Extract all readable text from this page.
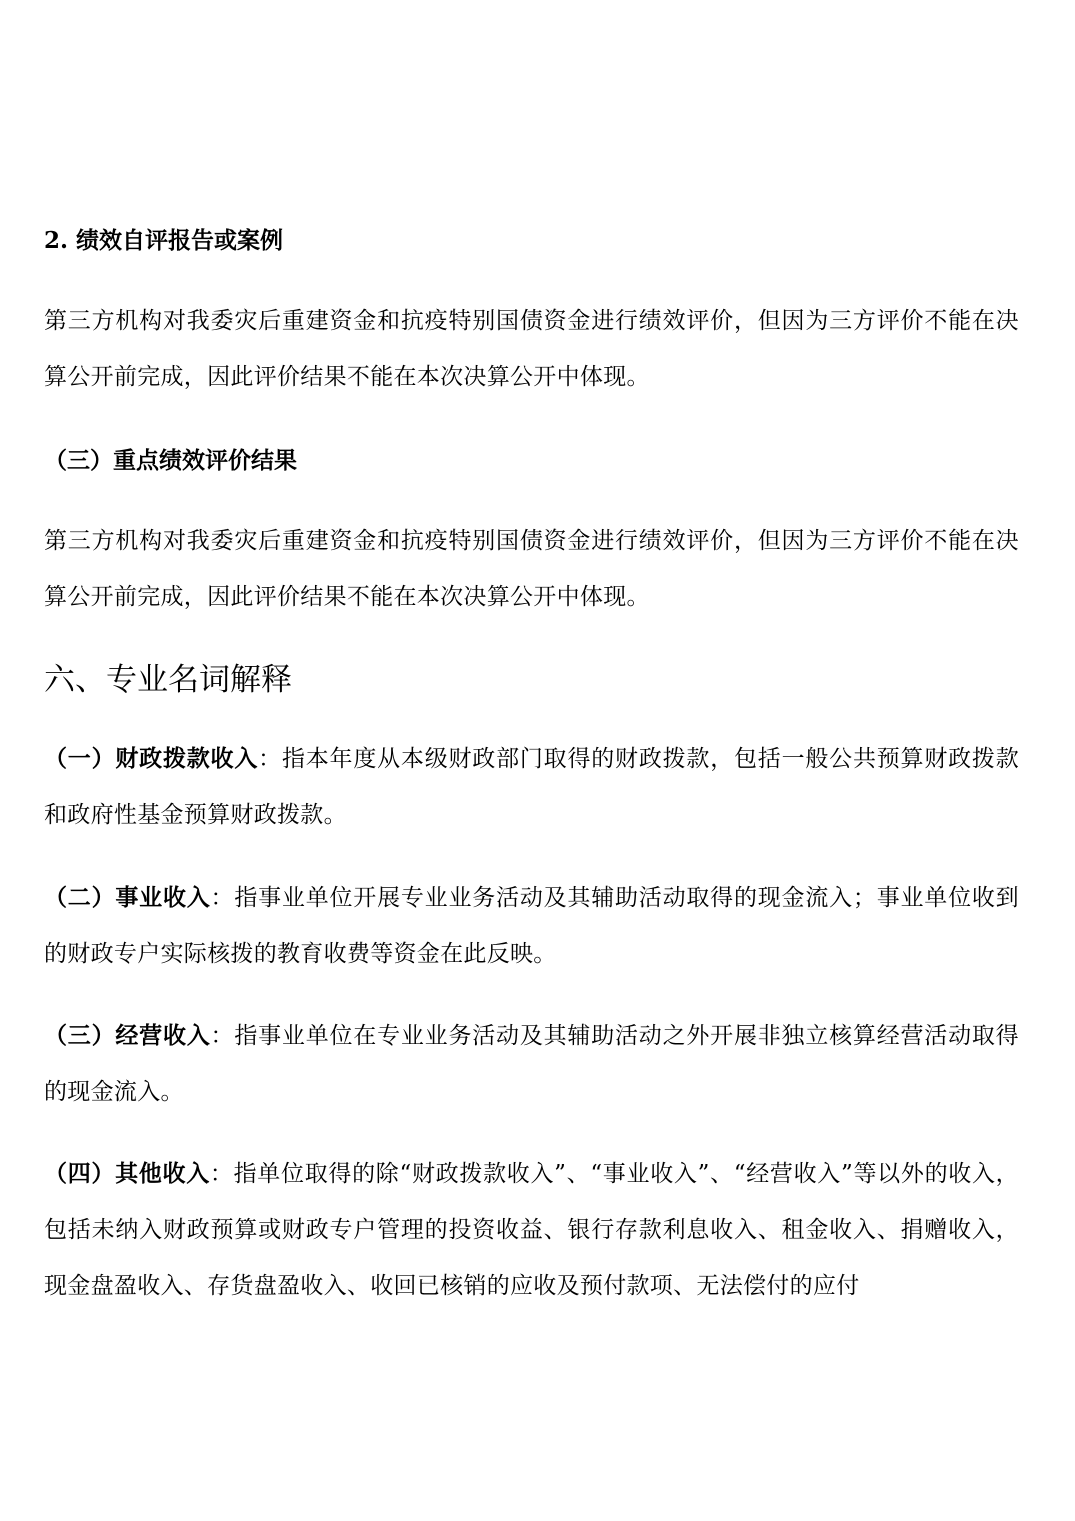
2. 绩效自评报告或案例
第三方机构对我委灾后重建资金和抗疫特别国债资金进行绩效评价，但因为三方评价不能在决算公开前完成，因此评价结果不能在本次决算公开中体现。
（三）重点绩效评价结果
第三方机构对我委灾后重建资金和抗疫特别国债资金进行绩效评价，但因为三方评价不能在决算公开前完成，因此评价结果不能在本次决算公开中体现。
六、专业名词解释
（一）财政拨款收入：指本年度从本级财政部门取得的财政拨款，包括一般公共预算财政拨款和政府性基金预算财政拨款。
（二）事业收入：指事业单位开展专业业务活动及其辅助活动取得的现金流入；事业单位收到的财政专户实际核拨的教育收费等资金在此反映。
（三）经营收入：指事业单位在专业业务活动及其辅助活动之外开展非独立核算经营活动取得的现金流入。
（四）其他收入：指单位取得的除“财政拨款收入”、“事业收入”、“经营收入”等以外的收入，包括未纳入财政预算或财政专户管理的投资收益、银行存款利息收入、租金收入、捐赠收入，现金盘盈收入、存货盘盈收入、收回已核销的应收及预付款项、无法偿付的应付
